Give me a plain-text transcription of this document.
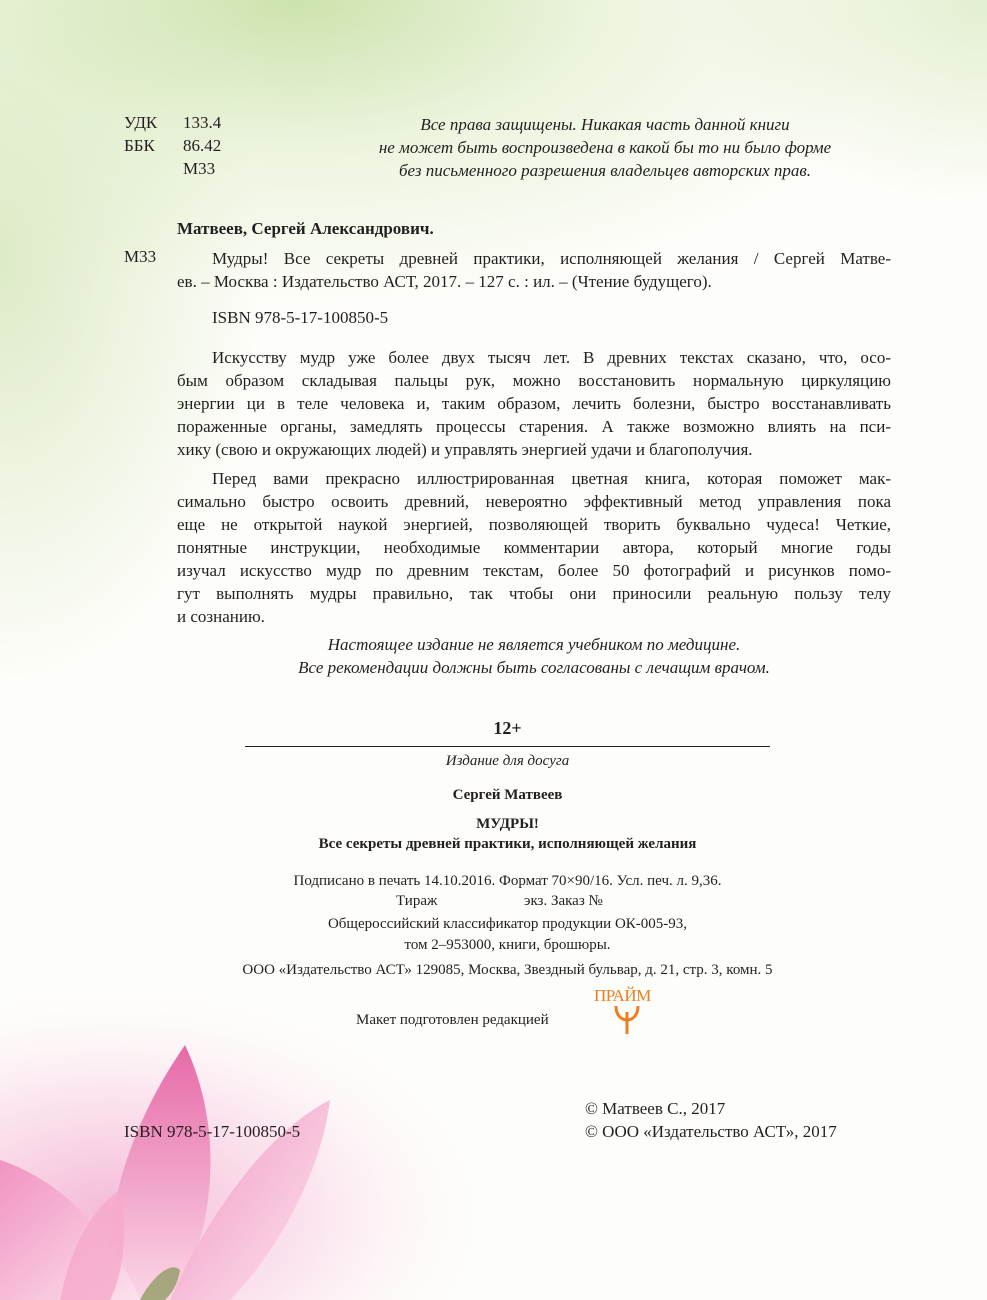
УДК 133.4
ББК 86.42
М33
Все права защищены. Никакая часть данной книги
не может быть воспроизведена в какой бы то ни было форме
без письменного разрешения владельцев авторских прав.
Матвеев, Сергей Александрович.
М33	Мудры! Все секреты древней практики, исполняющей желания / Сергей Матве-
ев. – Москва : Издательство АСТ, 2017. – 127 с. : ил. – (Чтение будущего).
ISBN 978-5-17-100850-5
Искусству мудр уже более двух тысяч лет. В древних текстах сказано, что, осо-
бым образом складывая пальцы рук, можно восстановить нормальную циркуляцию
энергии ци в теле человека и, таким образом, лечить болезни, быстро восстанавливать
пораженные органы, замедлять процессы старения. А также возможно влиять на пси-
хику (свою и окружающих людей) и управлять энергией удачи и благополучия.
Перед вами прекрасно иллюстрированная цветная книга, которая поможет мак-
симально быстро освоить древний, невероятно эффективный метод управления пока
еще не открытой наукой энергией, позволяющей творить буквально чудеса! Четкие,
понятные инструкции, необходимые комментарии автора, который многие годы
изучал искусство мудр по древним текстам, более 50 фотографий и рисунков помо-
гут выполнять мудры правильно, так чтобы они приносили реальную пользу телу
и сознанию.
Настоящее издание не является учебником по медицине.
Все рекомендации должны быть согласованы с лечащим врачом.
12+
Издание для досуга
Сергей Матвеев
МУДРЫ!
Все секреты древней практики, исполняющей желания
Подписано в печать 14.10.2016. Формат 70×90/16. Усл. печ. л. 9,36.
Тираж	экз. Заказ №
Общероссийский классификатор продукции ОК-005-93,
том 2–953000, книги, брошюры.
ООО «Издательство АСТ» 129085, Москва, Звездный бульвар, д. 21, стр. 3, комн. 5
Макет подготовлен редакцией
ПРАЙМ
ISBN 978-5-17-100850-5
© Матвеев С., 2017
© ООО «Издательство АСТ», 2017
